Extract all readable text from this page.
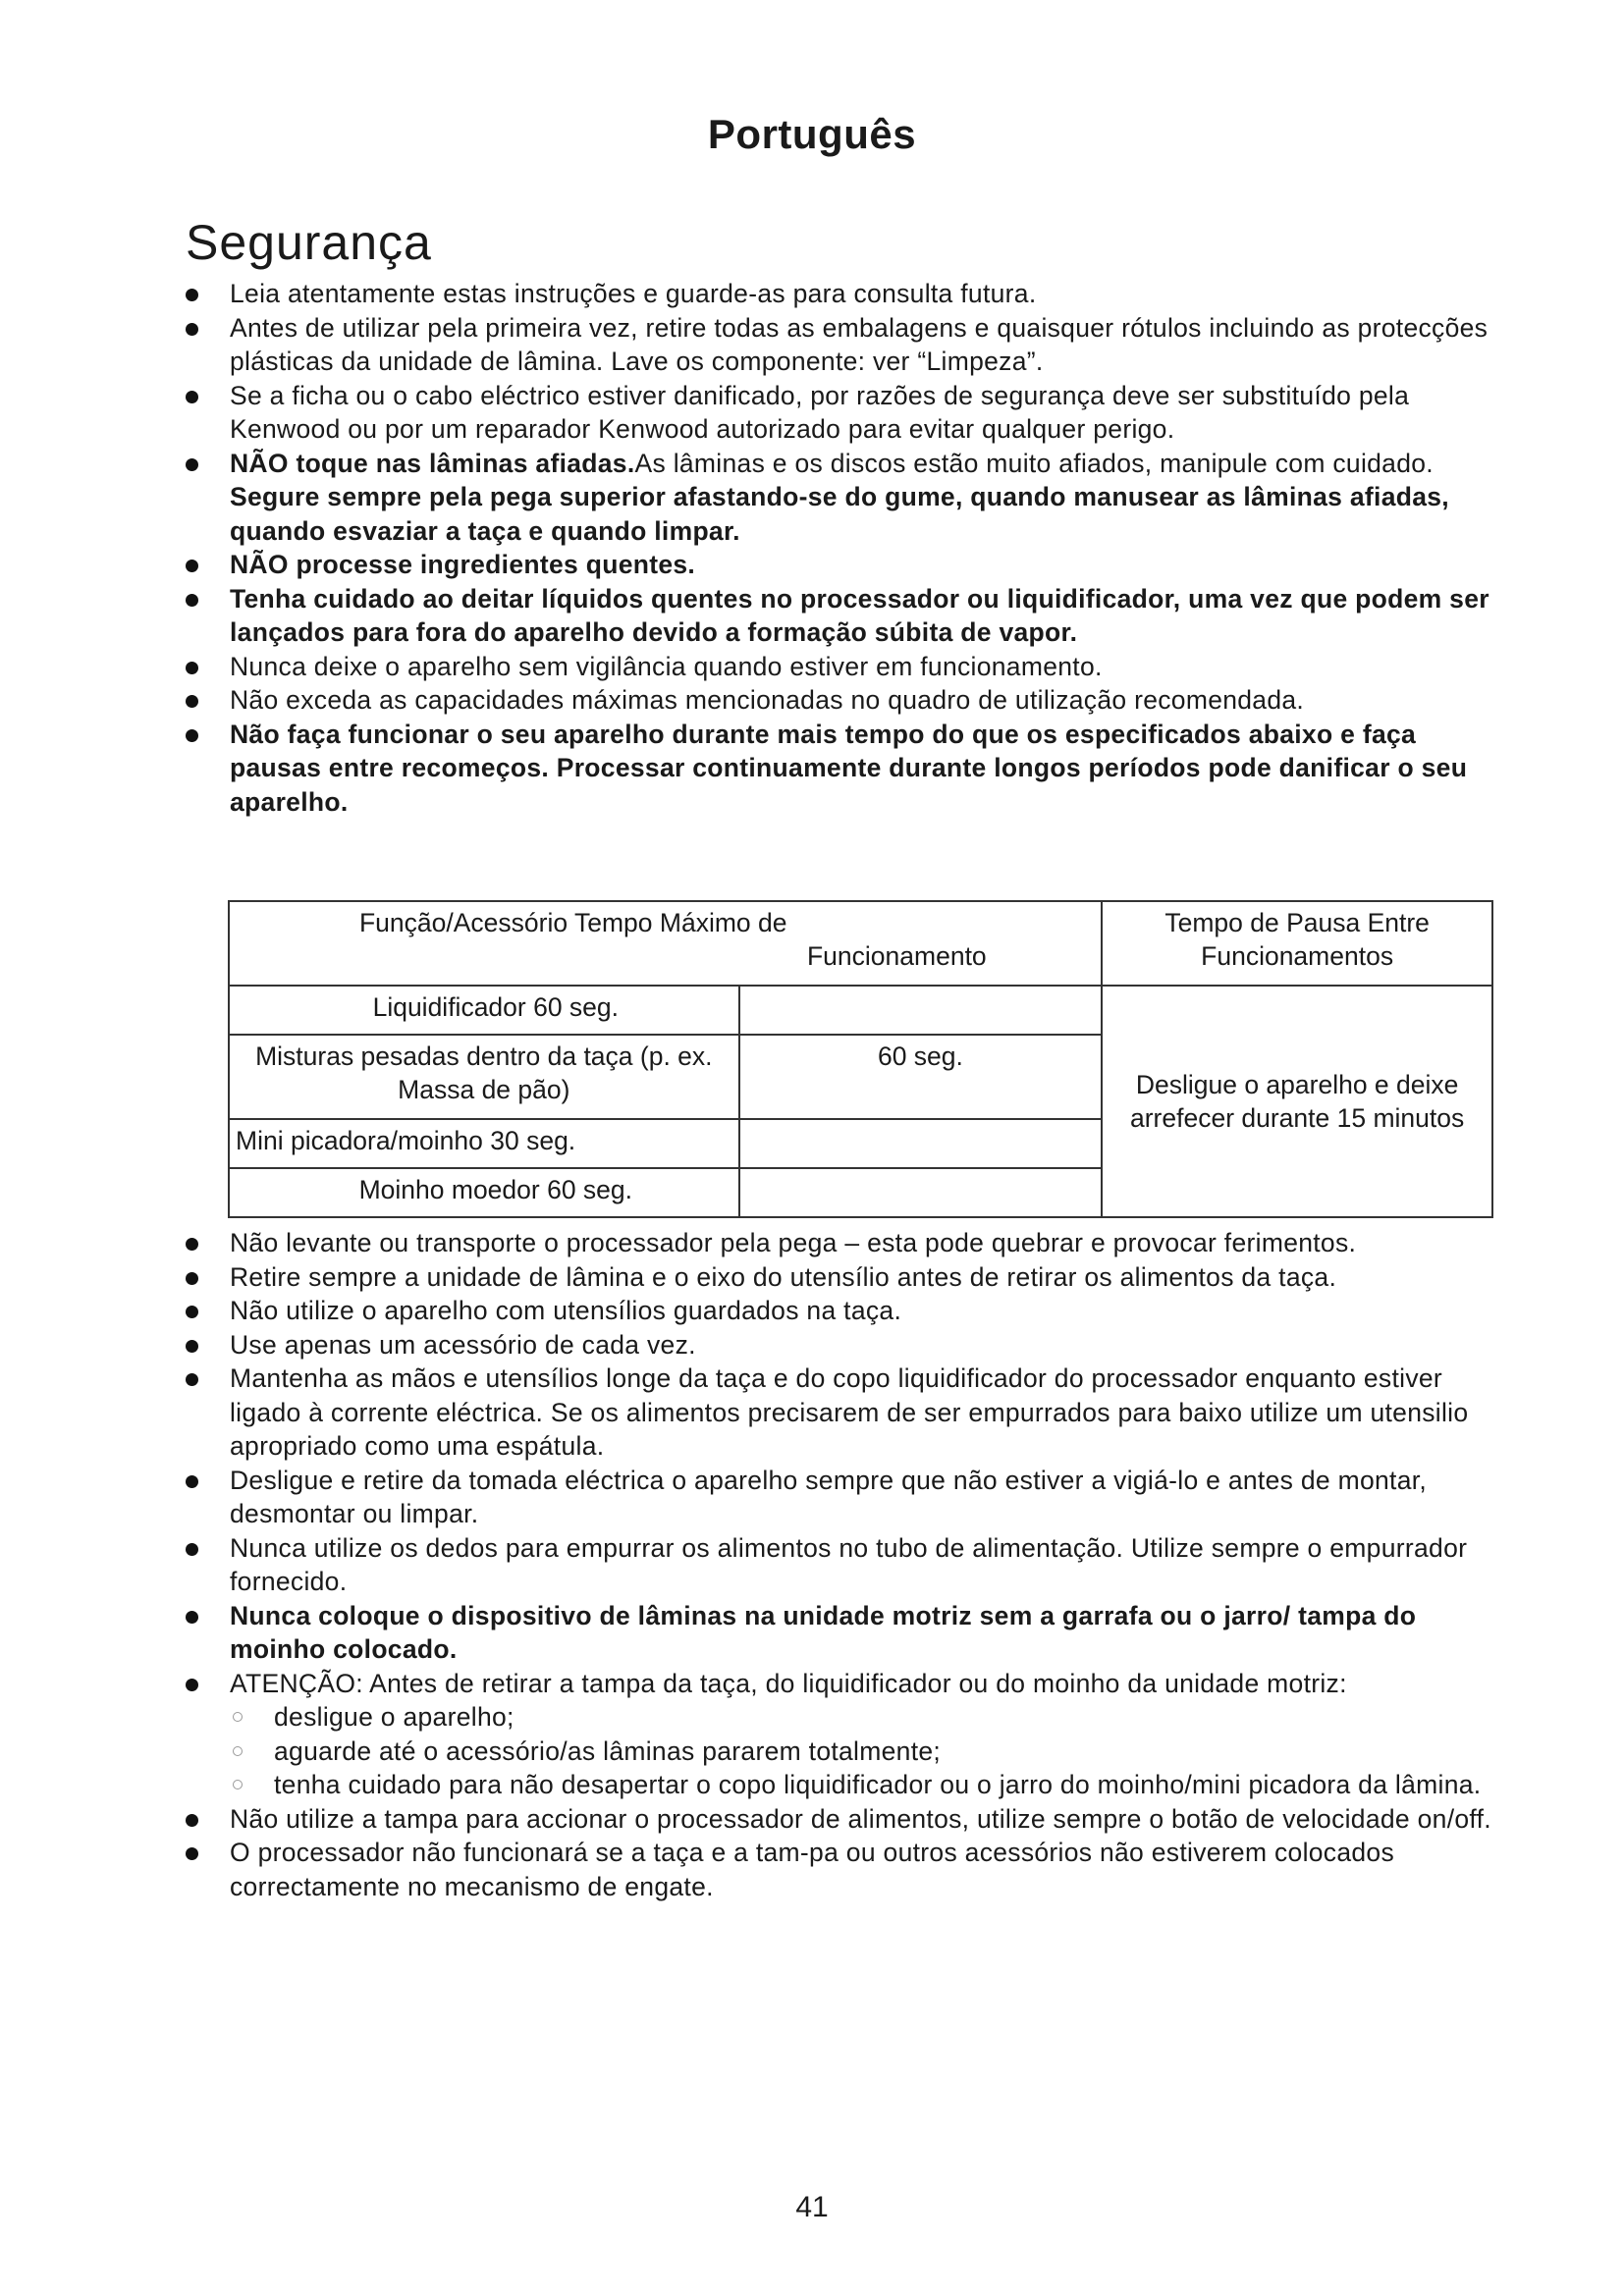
Português
Segurança
Leia atentamente estas instruções e guarde-as para consulta futura.
Antes de utilizar pela primeira vez, retire todas as embalagens e quaisquer rótulos incluindo as protecções plásticas da unidade de lâmina. Lave os componente: ver “Limpeza”.
Se a ficha ou o cabo eléctrico estiver danificado, por razões de segurança deve ser substituído pela Kenwood ou por um reparador Kenwood autorizado para evitar qualquer perigo.
NÃO toque nas lâminas afiadas.As lâminas e os discos estão muito afiados, manipule com cuidado. Segure sempre pela pega superior afastando-se do gume, quando manusear as lâminas afiadas, quando esvaziar a taça e quando limpar.
NÃO processe ingredientes quentes.
Tenha cuidado ao deitar líquidos quentes no processador ou liquidificador, uma vez que podem ser lançados para fora do aparelho devido a formação súbita de vapor.
Nunca deixe o aparelho sem vigilância quando estiver em funcionamento.
Não exceda as capacidades máximas mencionadas no quadro de utilização recomendada.
Não faça funcionar o seu aparelho durante mais tempo do que os especificados abaixo e faça pausas entre recomeços. Processar continuamente durante longos períodos pode danificar o seu aparelho.
Função/Acessório Tempo Máximo de
Funcionamento		Tempo de Pausa Entre Funcionamentos
Liquidificador 60 seg.		Desligue o aparelho e deixe arrefecer durante 15 minutos
Misturas pesadas dentro da taça (p. ex. Massa de pão)	60 seg.	
Mini picadora/moinho 30 seg.		
Moinho moedor 60 seg.		
Não levante ou transporte o processador pela pega – esta pode quebrar e provocar ferimentos.
Retire sempre a unidade de lâmina e o eixo do utensílio antes de retirar os alimentos da taça.
Não utilize o aparelho com utensílios guardados na taça.
Use apenas um acessório de cada vez.
Mantenha as mãos e utensílios longe da taça e do copo liquidificador do processador enquanto estiver ligado à corrente eléctrica. Se os alimentos precisarem de ser empurrados para baixo utilize um utensilio apropriado como uma espátula.
Desligue e retire da tomada eléctrica o aparelho sempre que não estiver a vigiá-lo e antes de montar, desmontar ou limpar.
Nunca utilize os dedos para empurrar os alimentos no tubo de alimentação. Utilize sempre o empurrador fornecido.
Nunca coloque o dispositivo de lâminas na unidade motriz sem a garrafa ou o jarro/ tampa do moinho colocado.
ATENÇÃO: Antes de retirar a tampa da taça, do liquidificador ou do moinho da unidade motriz:
desligue o aparelho;
aguarde até o acessório/as lâminas pararem totalmente;
tenha cuidado para não desapertar o copo liquidificador ou o jarro do moinho/mini picadora da lâmina.
Não utilize a tampa para accionar o processador de alimentos, utilize sempre o botão de velocidade on/off.
O processador não funcionará se a taça e a tam-pa ou outros acessórios não estiverem colocados correctamente no mecanismo de engate.
41
